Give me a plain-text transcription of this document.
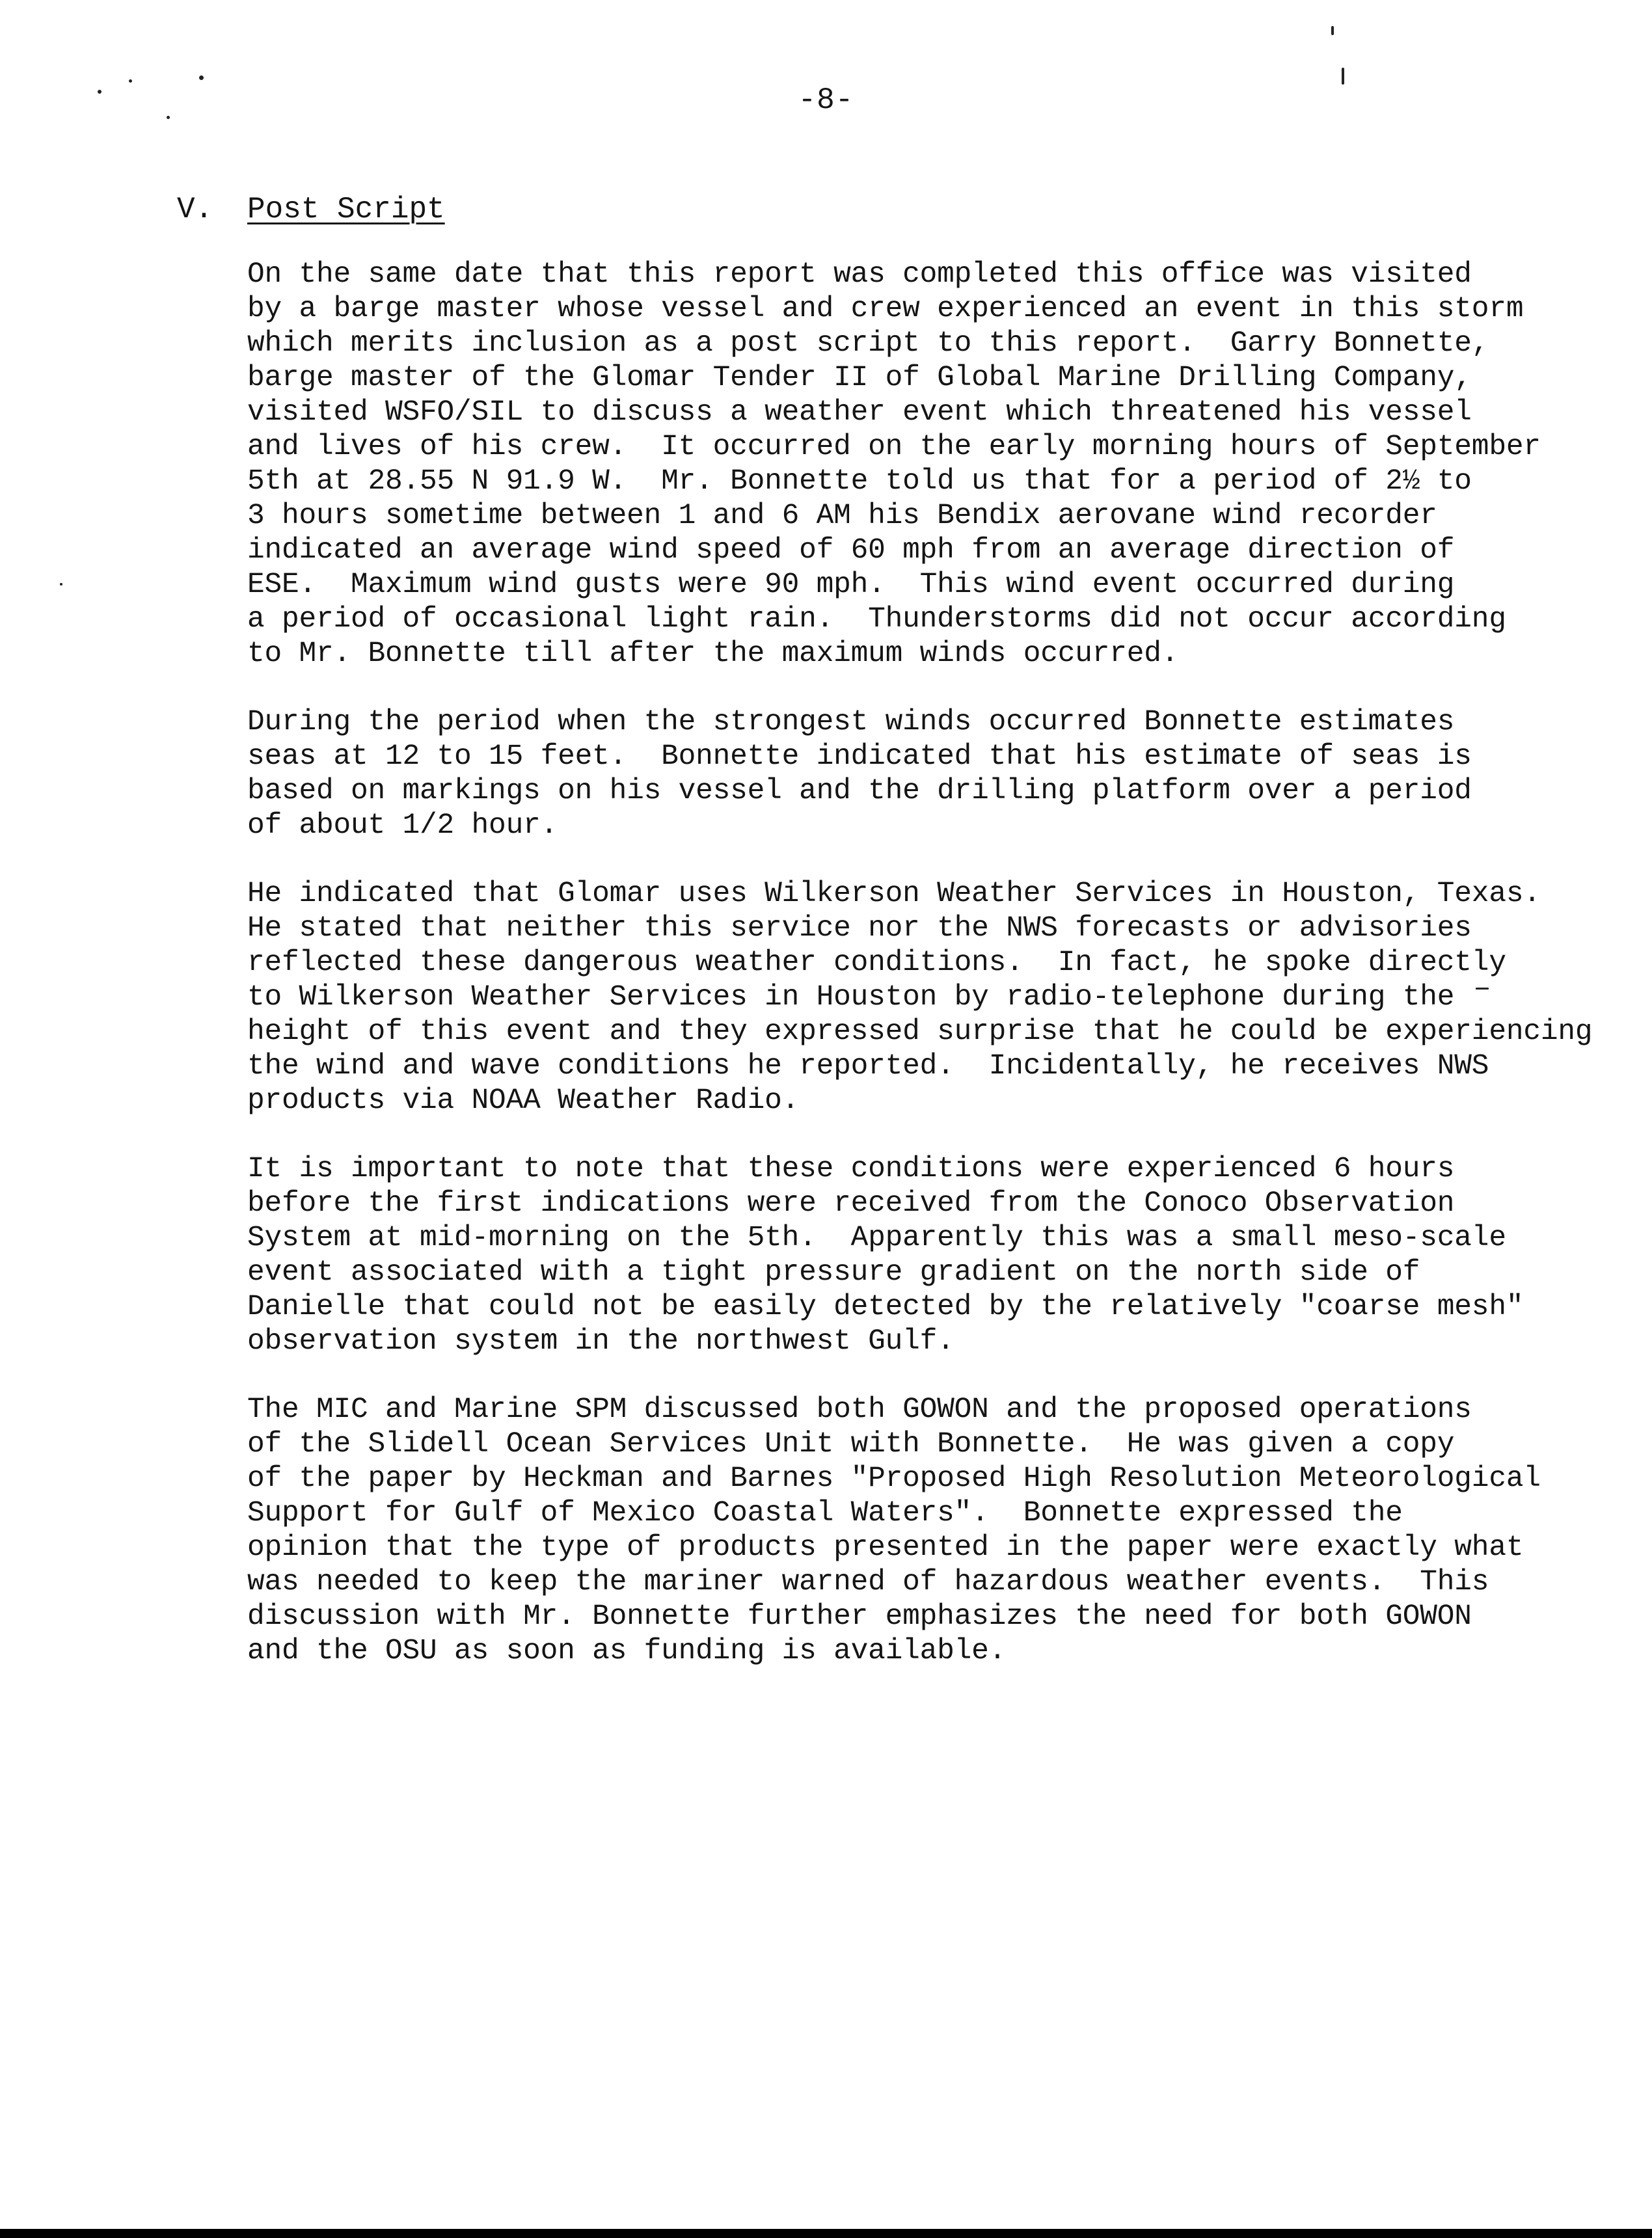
-8-
V. Post Script
On the same date that this report was completed this office was visited
by a barge master whose vessel and crew experienced an event in this storm
which merits inclusion as a post script to this report.  Garry Bonnette,
barge master of the Glomar Tender II of Global Marine Drilling Company,
visited WSFO/SIL to discuss a weather event which threatened his vessel
and lives of his crew.  It occurred on the early morning hours of September
5th at 28.55 N 91.9 W.  Mr. Bonnette told us that for a period of 2½ to
3 hours sometime between 1 and 6 AM his Bendix aerovane wind recorder
indicated an average wind speed of 60 mph from an average direction of
ESE.  Maximum wind gusts were 90 mph.  This wind event occurred during
a period of occasional light rain.  Thunderstorms did not occur according
to Mr. Bonnette till after the maximum winds occurred.
During the period when the strongest winds occurred Bonnette estimates
seas at 12 to 15 feet.  Bonnette indicated that his estimate of seas is
based on markings on his vessel and the drilling platform over a period
of about 1/2 hour.
He indicated that Glomar uses Wilkerson Weather Services in Houston, Texas.
He stated that neither this service nor the NWS forecasts or advisories
reflected these dangerous weather conditions.  In fact, he spoke directly
to Wilkerson Weather Services in Houston by radio-telephone during the
height of this event and they expressed surprise that he could be experiencing
the wind and wave conditions he reported.  Incidentally, he receives NWS
products via NOAA Weather Radio.
It is important to note that these conditions were experienced 6 hours
before the first indications were received from the Conoco Observation
System at mid-morning on the 5th.  Apparently this was a small meso-scale
event associated with a tight pressure gradient on the north side of
Danielle that could not be easily detected by the relatively "coarse mesh"
observation system in the northwest Gulf.
The MIC and Marine SPM discussed both GOWON and the proposed operations
of the Slidell Ocean Services Unit with Bonnette.  He was given a copy
of the paper by Heckman and Barnes "Proposed High Resolution Meteorological
Support for Gulf of Mexico Coastal Waters".  Bonnette expressed the
opinion that the type of products presented in the paper were exactly what
was needed to keep the mariner warned of hazardous weather events.  This
discussion with Mr. Bonnette further emphasizes the need for both GOWON
and the OSU as soon as funding is available.
